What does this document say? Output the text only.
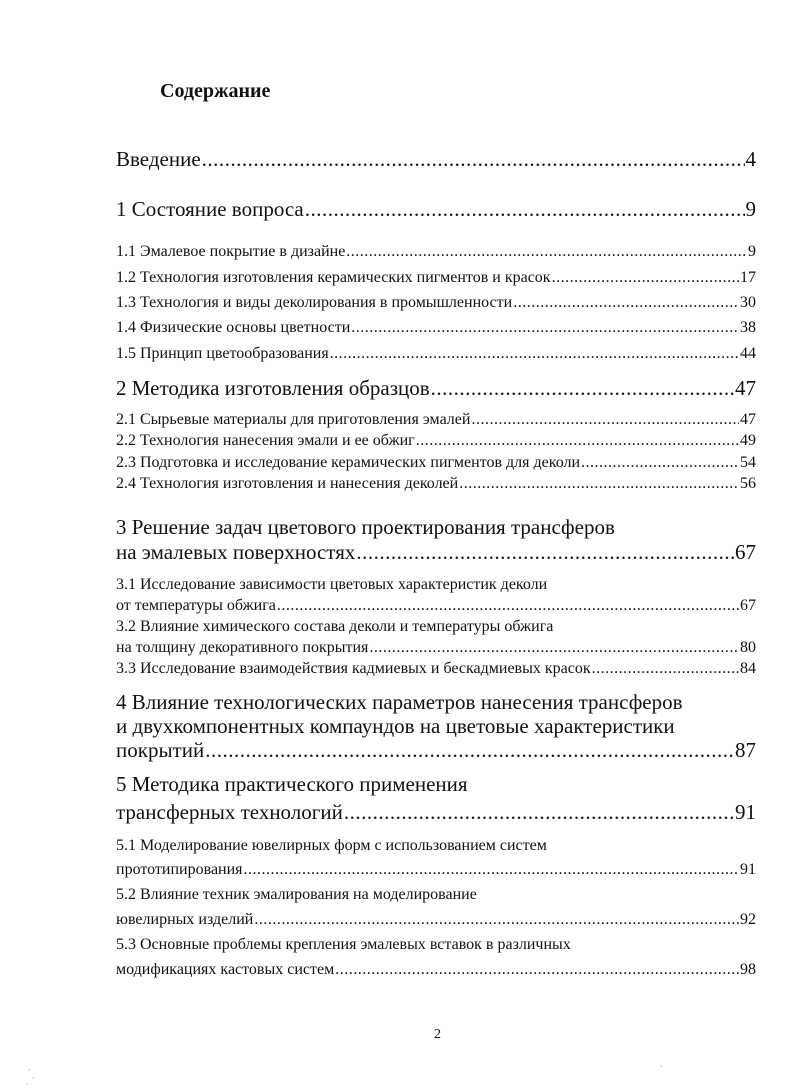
Содержание
Введение .....	4
1 Состояние вопроса .....	9
1.1 Эмалевое покрытие в дизайне .....	9
1.2 Технология изготовления керамических пигментов и красок .....	17
1.3 Технология и виды деколирования в промышленности .....	30
1.4 Физические основы цветности .....	38
1.5 Принцип цветообразования .....	44
2 Методика изготовления образцов .....	47
2.1 Сырьевые материалы для приготовления эмалей .....	47
2.2 Технология нанесения эмали и ее обжиг .....	49
2.3 Подготовка и исследование керамических пигментов для деколи .....	54
2.4 Технология изготовления и нанесения деколей .....	56
3 Решение задач цветового проектирования трансферов
на эмалевых поверхностях .....	67
3.1 Исследование зависимости цветовых характеристик деколи
от температуры обжига .....	67
3.2 Влияние химического состава деколи и температуры обжига
на толщину декоративного покрытия .....	80
3.3 Исследование взаимодействия кадмиевых и бескадмиевых красок .....	84
4 Влияние технологических параметров нанесения трансферов
и двухкомпонентных компаундов на цветовые характеристики
покрытий .....	87
5 Методика практического применения
трансферных технологий .....	91
5.1 Моделирование ювелирных форм с использованием систем
прототипирования .....	91
5.2 Влияние техник эмалирования на моделирование
ювелирных изделий .....	92
5.3 Основные проблемы крепления эмалевых вставок в различных
модификациях кастовых систем .....	98
2
·
·
·
·
